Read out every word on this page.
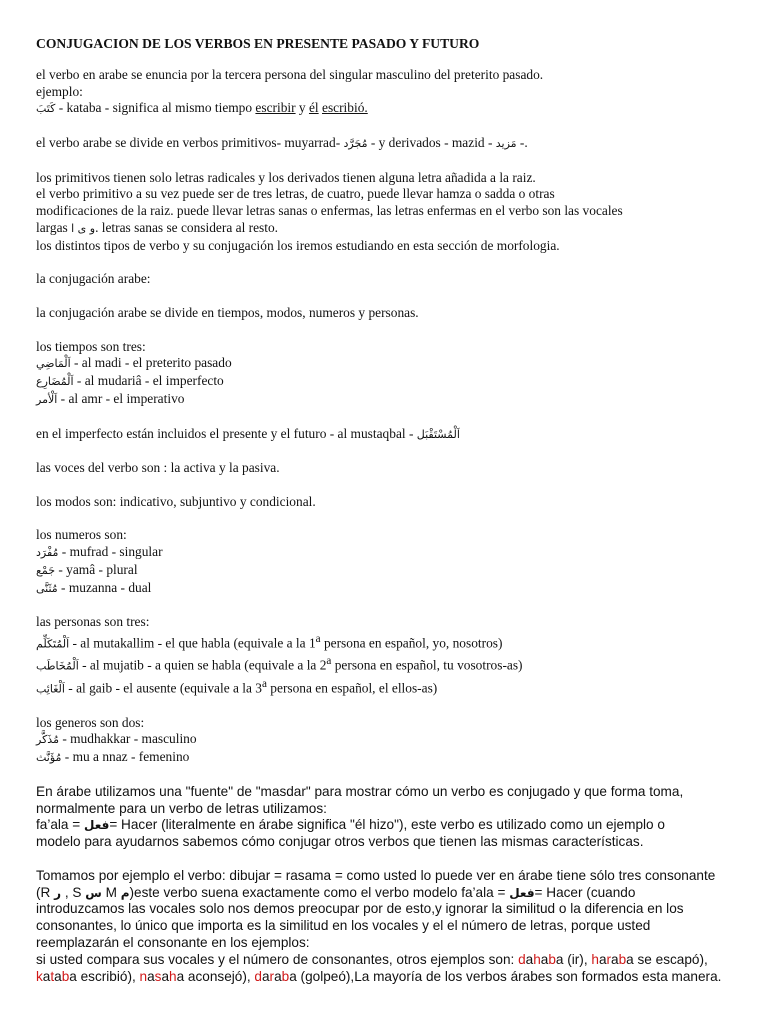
CONJUGACION DE LOS VERBOS EN PRESENTE PASADO Y FUTURO
el verbo en arabe se enuncia por la tercera persona del singular masculino del preterito pasado.
ejemplo:
كَتَبَ - kataba - significa al mismo tiempo escribir y él escribió.
el verbo arabe se divide en verbos primitivos- muyarrad- مُجَرَّد - y derivados - mazid - مَزيد -.
los primitivos tienen solo letras radicales y los derivados tienen alguna letra añadida a la raiz.
el verbo primitivo a su vez puede ser de tres letras, de cuatro, puede llevar hamza o sadda o otras
modificaciones de la raiz. puede llevar letras sanas o enfermas, las letras enfermas en el verbo son las vocales
largas و ی ا. letras sanas se considera al resto.
los distintos tipos de verbo y su conjugación los iremos estudiando en esta sección de morfologia.
la conjugación arabe:
la conjugación arabe se divide en tiempos, modos, numeros y personas.
los tiempos son tres:
اَلْمَاضِي - al madi - el preterito pasado
اَلْمُضَارِع - al mudariâ - el imperfecto
اَلْأمر - al amr - el imperativo
en el imperfecto están incluidos el presente y el futuro - al mustaqbal - اَلْمُسْتَقْبَل
las voces del verbo son : la activa y la pasiva.
los modos son: indicativo, subjuntivo y condicional.
los numeros son:
مُفْرَد - mufrad - singular
جَمْع - yamâ - plural
مُثَنَّى - muzanna - dual
las personas son tres:
اَلْمُتَكَلِّم - al mutakallim - el que habla (equivale a la 1$^a$ persona en español, yo, nosotros)
اَلْمُخَاطَب - al mujatib - a quien se habla (equivale a la 2$^a$ persona en español, tu vosotros-as)
اَلْغَائِب - al gaib - el ausente (equivale a la 3$^a$ persona en español, el ellos-as)
los generos son dos:
مُذَكَّر - mudhakkar - masculino
مُؤَنَّث - mu a nnaz - femenino
En árabe utilizamos una "fuente" de "masdar" para mostrar cómo un verbo es conjugado y que forma toma,
normalmente para un verbo de letras utilizamos:
fa’ala = فعل= Hacer (literalmente en árabe significa "él hizo"), este verbo es utilizado como un ejemplo o
modelo para ayudarnos sabemos cómo conjugar otros verbos que tienen las mismas características.
Tomamos por ejemplo el verbo: dibujar = rasama = como usted lo puede ver en árabe tiene sólo tres consonante
(R ر , S س M م)este verbo suena exactamente como el verbo modelo fa’ala = فعل= Hacer (cuando
introduzcamos las vocales solo nos demos preocupar por de esto,y ignorar la similitud o la diferencia en los
consonantes, lo único que importa es la similitud en los vocales y el el número de letras, porque usted
reemplazarán el consonante en los ejemplos:
si usted compara sus vocales y el número de consonantes, otros ejemplos son: dahaba (ir), haraba se escapó),
kataba escribió), nasaha aconsejó), daraba (golpeó),La mayoría de los verbos árabes son formados esta manera.
